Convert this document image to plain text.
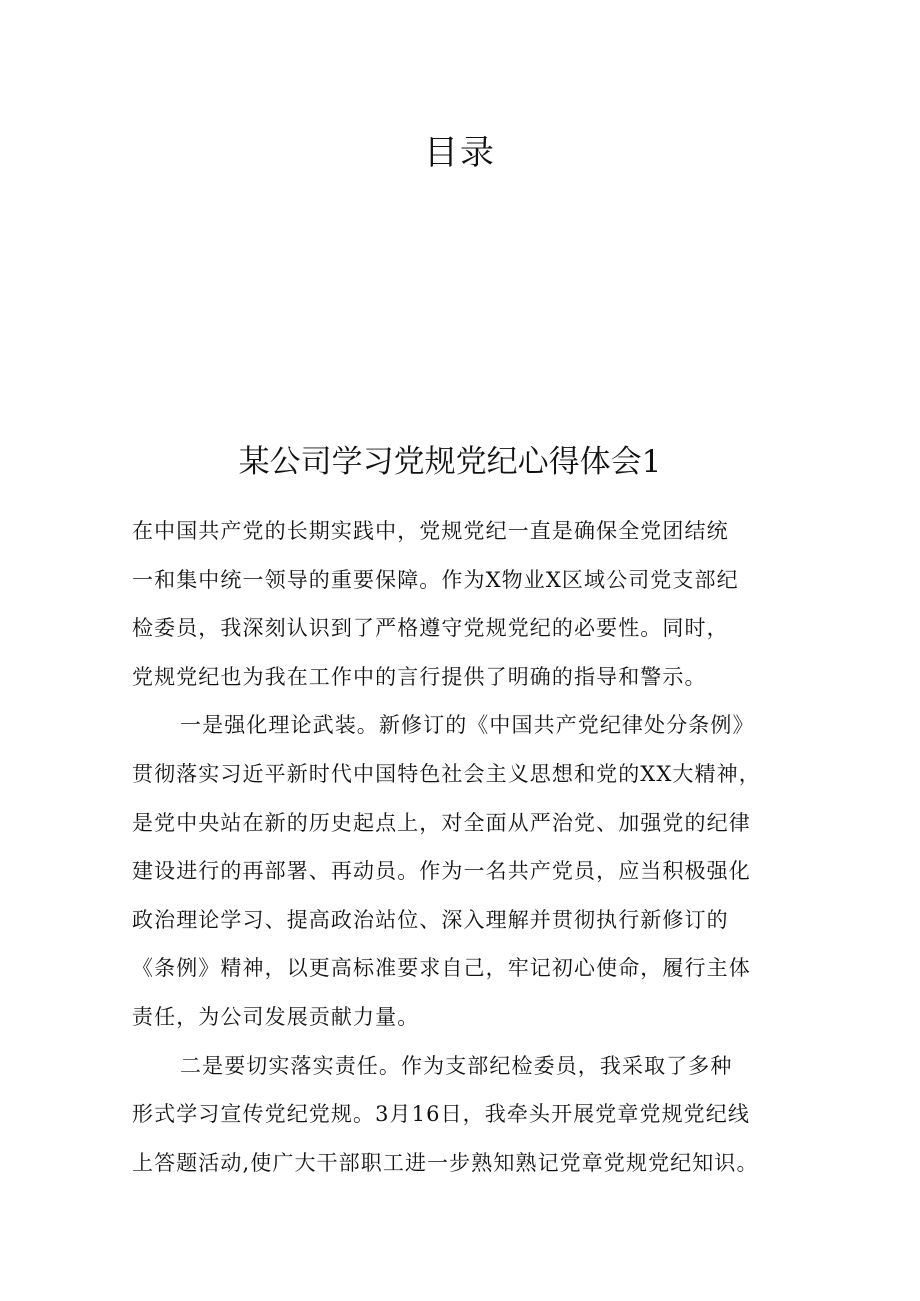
目录
某公司学习党规党纪心得体会1
在中国共产党的长期实践中，党规党纪一直是确保全党团结统
一和集中统一领导的重要保障。作为X物业X区域公司党支部纪
检委员，我深刻认识到了严格遵守党规党纪的必要性。同时，
党规党纪也为我在工作中的言行提供了明确的指导和警示。
一是强化理论武装。新修订的《中国共产党纪律处分条例》
贯彻落实习近平新时代中国特色社会主义思想和党的XX大精神，
是党中央站在新的历史起点上，对全面从严治党、加强党的纪律
建设进行的再部署、再动员。作为一名共产党员，应当积极强化
政治理论学习、提高政治站位、深入理解并贯彻执行新修订的
《条例》精神，以更高标准要求自己，牢记初心使命，履行主体
责任，为公司发展贡献力量。
二是要切实落实责任。作为支部纪检委员，我采取了多种
形式学习宣传党纪党规。3月16日，我牵头开展党章党规党纪线
上答题活动,使广大干部职工进一步熟知熟记党章党规党纪知识。
